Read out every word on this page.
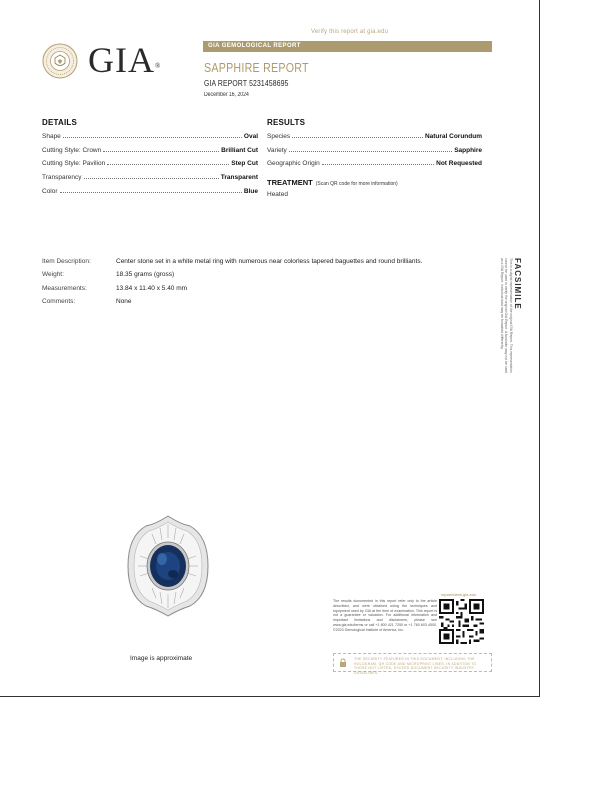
Verify this report at gia.edu
GIA®
GIA GEMOLOGICAL REPORT
SAPPHIRE REPORT
GIA REPORT 5231458695
December 16, 2024
DETAILS
Shape	Oval
Cutting Style: Crown	Brilliant Cut
Cutting Style: Pavilion	Step Cut
Transparency	Transparent
Color	Blue
RESULTS
Species	Natural Corundum
Variety	Sapphire
Geographic Origin	Not Requested
TREATMENT (Scan QR code for more information)
Heated
Item Description:	Center stone set in a white metal ring with numerous near colorless tapered baguettes and round brilliants.
Weight:	18.35 grams (gross)
Measurements:	13.84 x 11.40 x 5.40 mm
Comments:	None	FACSIMILE
This is a digital representation of the original GIA Report. This representation
cannot be used to verify the original GIA Report. A facsimile may not be used
as a GIA Report. Individual data may be formatted differently.
Image is approximate
The results documented in this report refer only to the article described, and were obtained using the techniques and equipment used by GIA at the time of examination. This report is not a guarantee or valuation. For additional information and important limitations and disclaimers, please see www.gia.edu/terms or call +1 800 421 7250 or +1 760 603 4500. ©2023 Gemological Institute of America, Inc.
reportcheck.gia.edu
THE SECURITY FEATURES IN THIS DOCUMENT, INCLUDING THE HOLOGRAM, QR CODE AND MICROPRINT LINES, IN ADDITION TO THOSE NOT LISTED, EXCEED DOCUMENT SECURITY INDUSTRY GUIDELINES.
